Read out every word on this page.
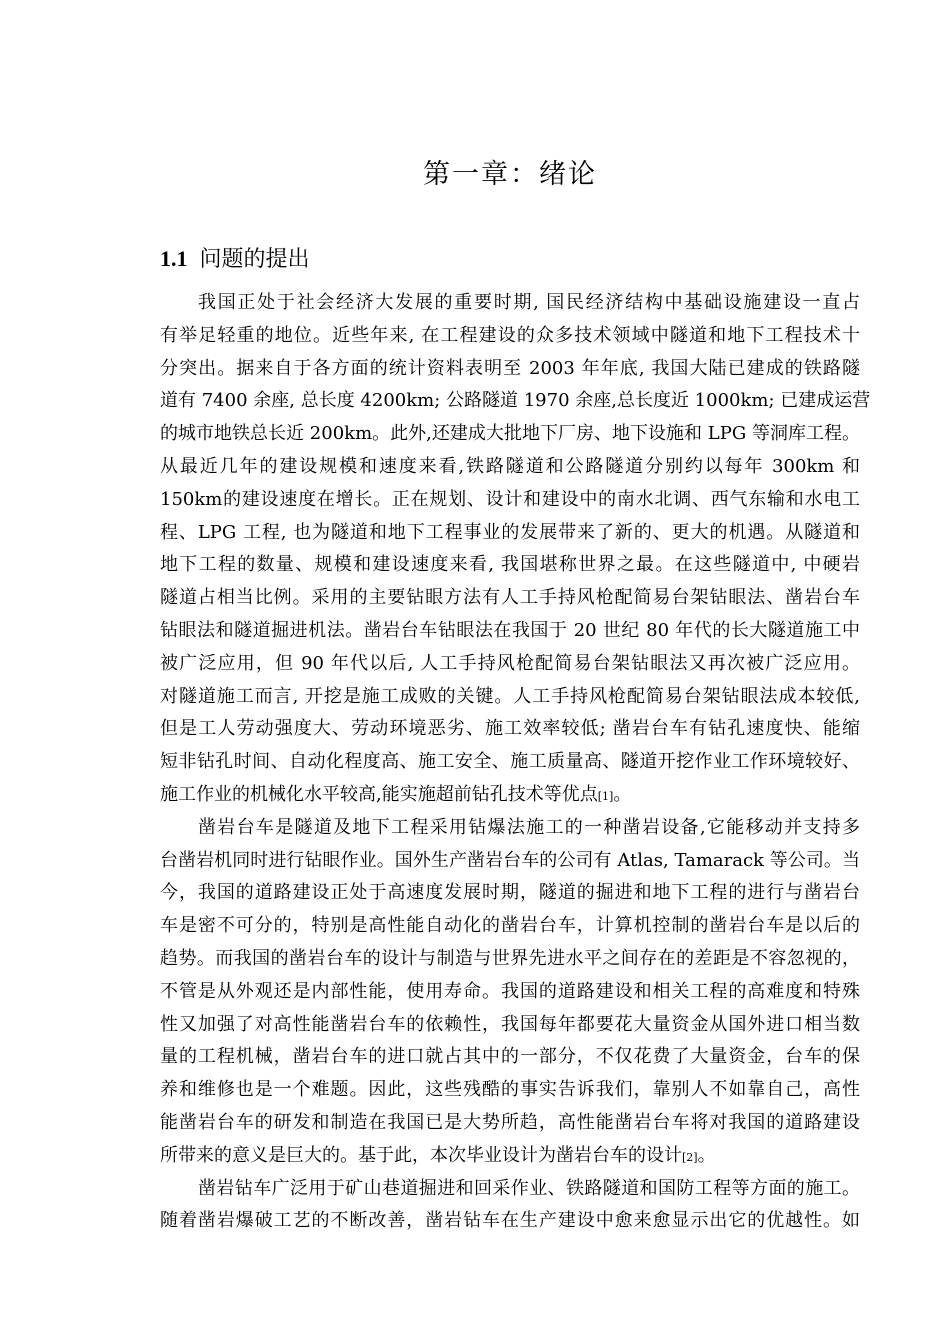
第一章：绪论
1.1 问题的提出
我国正处于社会经济大发展的重要时期, 国民经济结构中基础设施建设一直占
有举足轻重的地位。近些年来, 在工程建设的众多技术领域中隧道和地下工程技术十
分突出。据来自于各方面的统计资料表明至 2003 年年底, 我国大陆已建成的铁路隧
道有 7400 余座, 总长度 4200km; 公路隧道 1970 余座,总长度近 1000km; 已建成运营
的城市地铁总长近 200km。此外,还建成大批地下厂房、地下设施和 LPG 等洞库工程。
从最近几年的建设规模和速度来看,铁路隧道和公路隧道分别约以每年 300km 和
150km的建设速度在增长。正在规划、设计和建设中的南水北调、西气东输和水电工
程、LPG 工程, 也为隧道和地下工程事业的发展带来了新的、更大的机遇。从隧道和
地下工程的数量、规模和建设速度来看, 我国堪称世界之最。在这些隧道中, 中硬岩
隧道占相当比例。采用的主要钻眼方法有人工手持风枪配简易台架钻眼法、凿岩台车
钻眼法和隧道掘进机法。凿岩台车钻眼法在我国于 20 世纪 80 年代的长大隧道施工中
被广泛应用，但 90 年代以后, 人工手持风枪配简易台架钻眼法又再次被广泛应用。
对隧道施工而言, 开挖是施工成败的关键。人工手持风枪配简易台架钻眼法成本较低,
但是工人劳动强度大、劳动环境恶劣、施工效率较低; 凿岩台车有钻孔速度快、能缩
短非钻孔时间、自动化程度高、施工安全、施工质量高、隧道开挖作业工作环境较好、
施工作业的机械化水平较高,能实施超前钻孔技术等优点[1]。
凿岩台车是隧道及地下工程采用钻爆法施工的一种凿岩设备,它能移动并支持多
台凿岩机同时进行钻眼作业。国外生产凿岩台车的公司有 Atlas, Tamarack 等公司。当
今，我国的道路建设正处于高速度发展时期，隧道的掘进和地下工程的进行与凿岩台
车是密不可分的，特别是高性能自动化的凿岩台车，计算机控制的凿岩台车是以后的
趋势。而我国的凿岩台车的设计与制造与世界先进水平之间存在的差距是不容忽视的，
不管是从外观还是内部性能，使用寿命。我国的道路建设和相关工程的高难度和特殊
性又加强了对高性能凿岩台车的依赖性，我国每年都要花大量资金从国外进口相当数
量的工程机械，凿岩台车的进口就占其中的一部分，不仅花费了大量资金，台车的保
养和维修也是一个难题。因此，这些残酷的事实告诉我们，靠别人不如靠自己，高性
能凿岩台车的研发和制造在我国已是大势所趋，高性能凿岩台车将对我国的道路建设
所带来的意义是巨大的。基于此，本次毕业设计为凿岩台车的设计[2]。
凿岩钻车广泛用于矿山巷道掘进和回采作业、铁路隧道和国防工程等方面的施工。
随着凿岩爆破工艺的不断改善，凿岩钻车在生产建设中愈来愈显示出它的优越性。如
